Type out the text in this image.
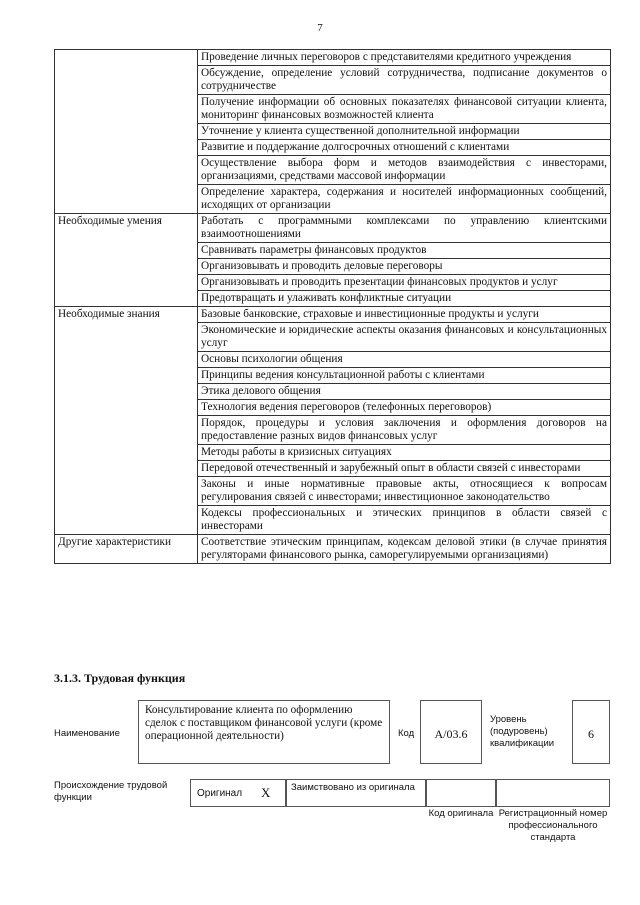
7
	Проведение личных переговоров с представителями кредитного учреждения
	Обсуждение, определение условий сотрудничества, подписание документов о сотрудничестве
	Получение информации об основных показателях финансовой ситуации клиента, мониторинг финансовых возможностей клиента
	Уточнение у клиента существенной дополнительной информации
	Развитие и поддержание долгосрочных отношений с клиентами
	Осуществление выбора форм и методов взаимодействия с инвесторами, организациями, средствами массовой информации
	Определение характера, содержания и носителей информационных сообщений, исходящих от организации
Необходимые умения	Работать с программными комплексами по управлению клиентскими взаимоотношениями
	Сравнивать параметры финансовых продуктов
	Организовывать и проводить деловые переговоры
	Организовывать и проводить презентации финансовых продуктов и услуг
	Предотвращать и улаживать конфликтные ситуации
Необходимые знания	Базовые банковские, страховые и инвестиционные продукты и услуги
	Экономические и юридические аспекты оказания финансовых и консультационных услуг
	Основы психологии общения
	Принципы ведения консультационной работы с клиентами
	Этика делового общения
	Технология ведения переговоров (телефонных переговоров)
	Порядок, процедуры и условия заключения и оформления договоров на предоставление разных видов финансовых услуг
	Методы работы в кризисных ситуациях
	Передовой отечественный и зарубежный опыт в области связей с инвесторами
	Законы и иные нормативные правовые акты, относящиеся к вопросам регулирования связей с инвесторами; инвестиционное законодательство
	Кодексы профессиональных и этических принципов в области связей с инвесторами
Другие характеристики	Соответствие этическим принципам, кодексам деловой этики (в случае принятия регуляторами финансового рынка, саморегулируемыми организациями)
3.1.3. Трудовая функция
Наименование
Консультирование клиента по оформлению сделок с поставщиком финансовой услуги (кроме операционной деятельности)	Код	A/03.6
Уровень (подуровень) квалификации
6
Происхождение трудовой функции	Оригинал X	Заимствовано из оригинала
Код оригинала Регистрационный номер профессионального стандарта
